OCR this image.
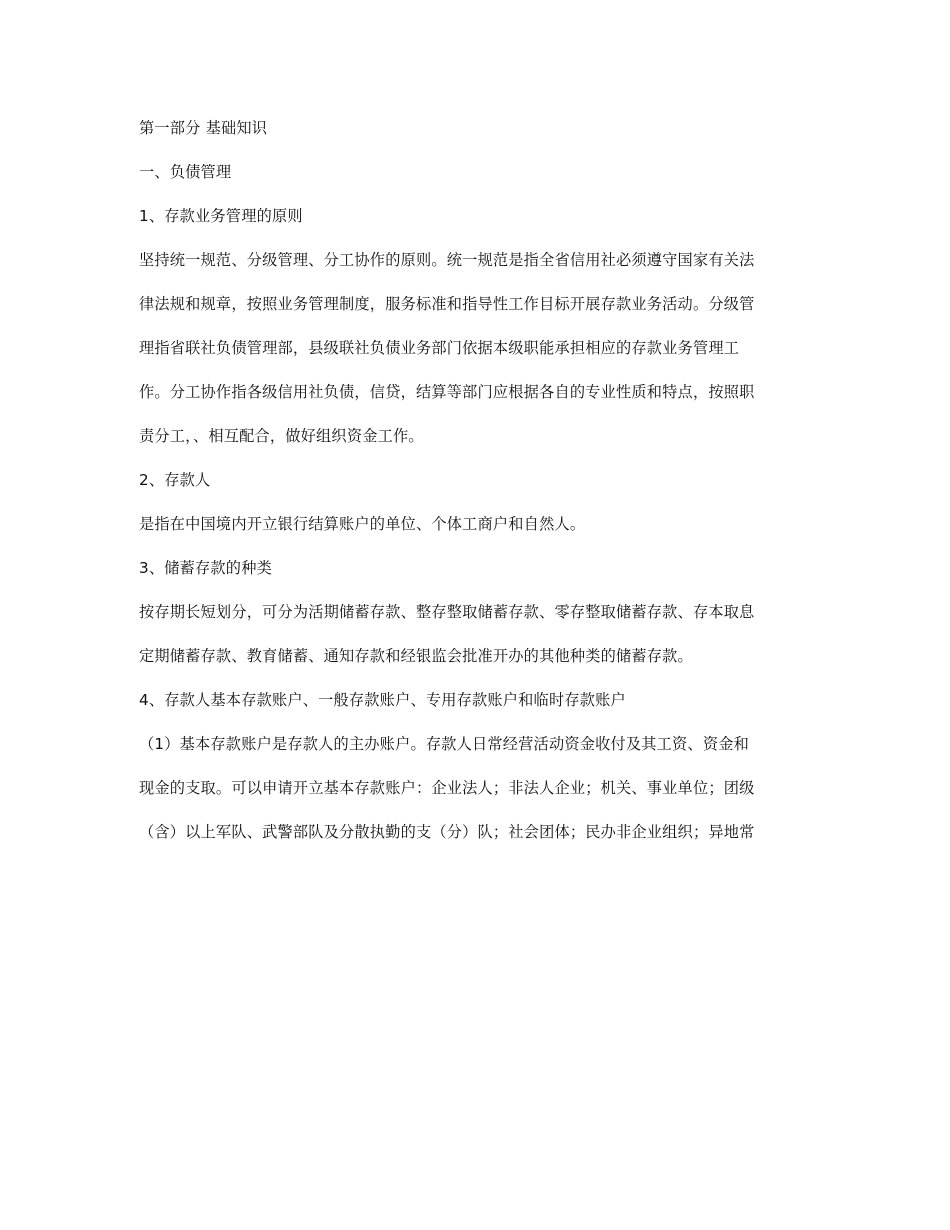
第一部分 基础知识

一、负债管理

1、存款业务管理的原则

坚持统一规范、分级管理、分工协作的原则。统一规范是指全省信用社必须遵守国家有关法

律法规和规章，按照业务管理制度，服务标准和指导性工作目标开展存款业务活动。分级管

理指省联社负债管理部，县级联社负债业务部门依据本级职能承担相应的存款业务管理工

作。分工协作指各级信用社负债，信贷，结算等部门应根据各自的专业性质和特点，按照职

责分工，、相互配合，做好组织资金工作。

2、存款人

是指在中国境内开立银行结算账户的单位、个体工商户和自然人。

3、储蓄存款的种类

按存期长短划分，可分为活期储蓄存款、整存整取储蓄存款、零存整取储蓄存款、存本取息

定期储蓄存款、教育储蓄、通知存款和经银监会批准开办的其他种类的储蓄存款。

4、存款人基本存款账户、一般存款账户、专用存款账户和临时存款账户

（1）基本存款账户是存款人的主办账户。存款人日常经营活动资金收付及其工资、资金和

现金的支取。可以申请开立基本存款账户：企业法人；非法人企业；机关、事业单位；团级

（含）以上军队、武警部队及分散执勤的支（分）队；社会团体；民办非企业组织；异地常
